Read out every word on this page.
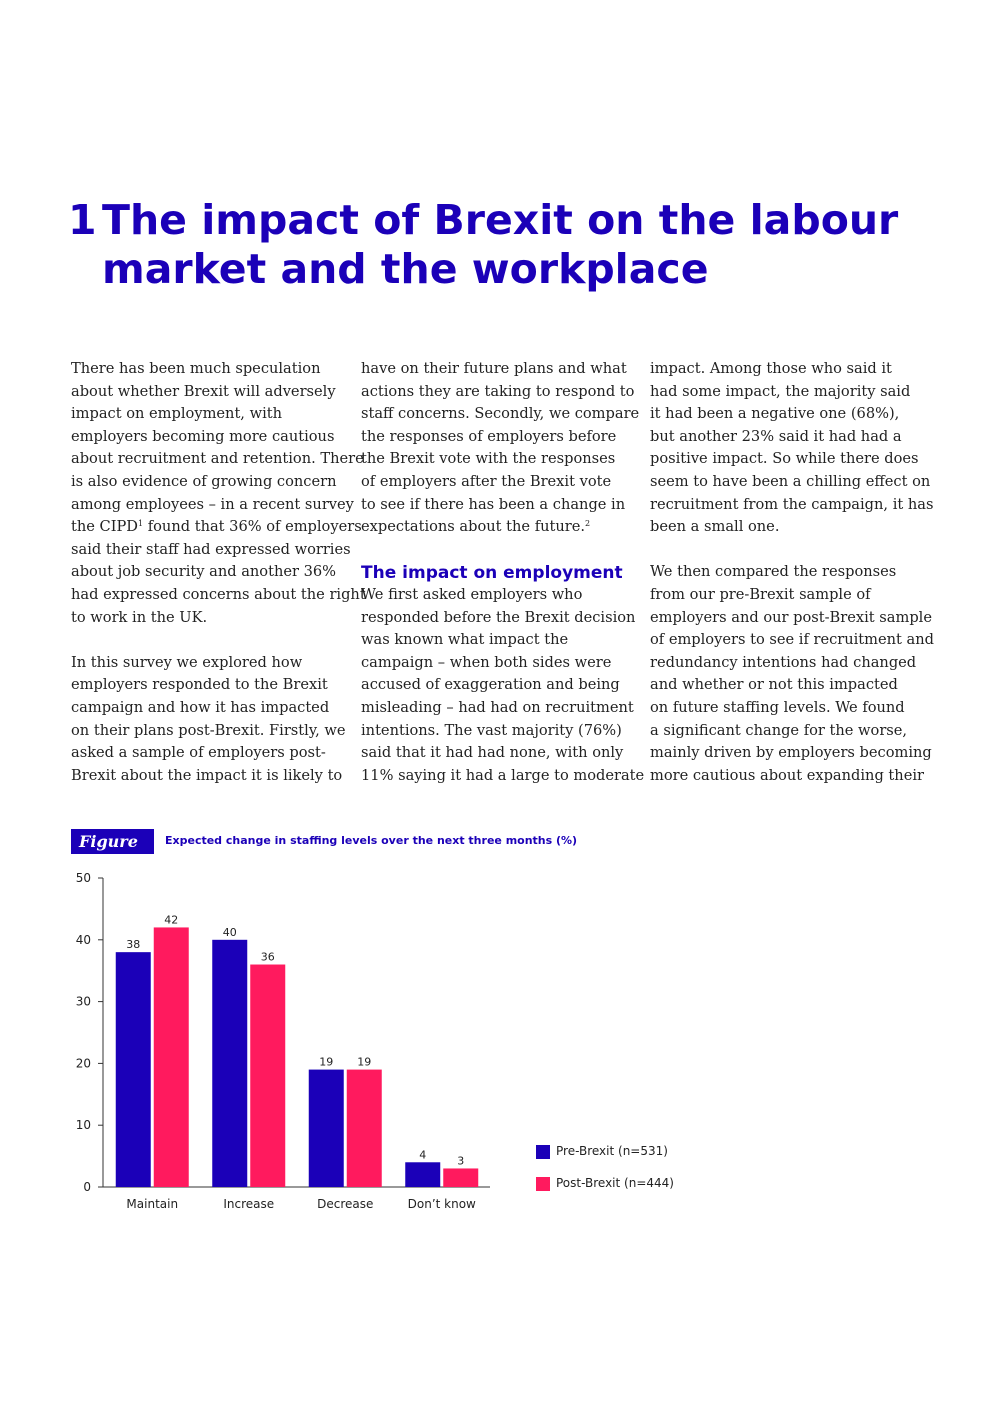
1 The impact of Brexit on the labour
market and the workplace
There has been much speculation
about whether Brexit will adversely
impact on employment, with
employers becoming more cautious
about recruitment and retention. There
is also evidence of growing concern
among employees – in a recent survey
the CIPD$^1$ found that 36% of employers
said their staff had expressed worries
about job security and another 36%
had expressed concerns about the right
to work in the UK.
In this survey we explored how
employers responded to the Brexit
campaign and how it has impacted
on their plans post-Brexit. Firstly, we
asked a sample of employers post-
Brexit about the impact it is likely to
have on their future plans and what
actions they are taking to respond to
staff concerns. Secondly, we compare
the responses of employers before
the Brexit vote with the responses
of employers after the Brexit vote
to see if there has been a change in
expectations about the future.$^2$
The impact on employment
We first asked employers who
responded before the Brexit decision
was known what impact the
campaign – when both sides were
accused of exaggeration and being
misleading – had had on recruitment
intentions. The vast majority (76%)
said that it had had none, with only
11% saying it had a large to moderate
impact. Among those who said it
had some impact, the majority said
it had been a negative one (68%),
but another 23% said it had had a
positive impact. So while there does
seem to have been a chilling effect on
recruitment from the campaign, it has
been a small one.
We then compared the responses
from our pre-Brexit sample of
employers and our post-Brexit sample
of employers to see if recruitment and
redundancy intentions had changed
and whether or not this impacted
on future staffing levels. We found
a significant change for the worse,
mainly driven by employers becoming
more cautious about expanding their
Figure 1
Expected change in staffing levels over the next three months (%)
0
10
20
30
40
50
Maintain	Increase	Decrease	Don’t know
38
42
40
36
19 19
4	3
Pre-Brexit (n=531)
Post-Brexit (n=444)
